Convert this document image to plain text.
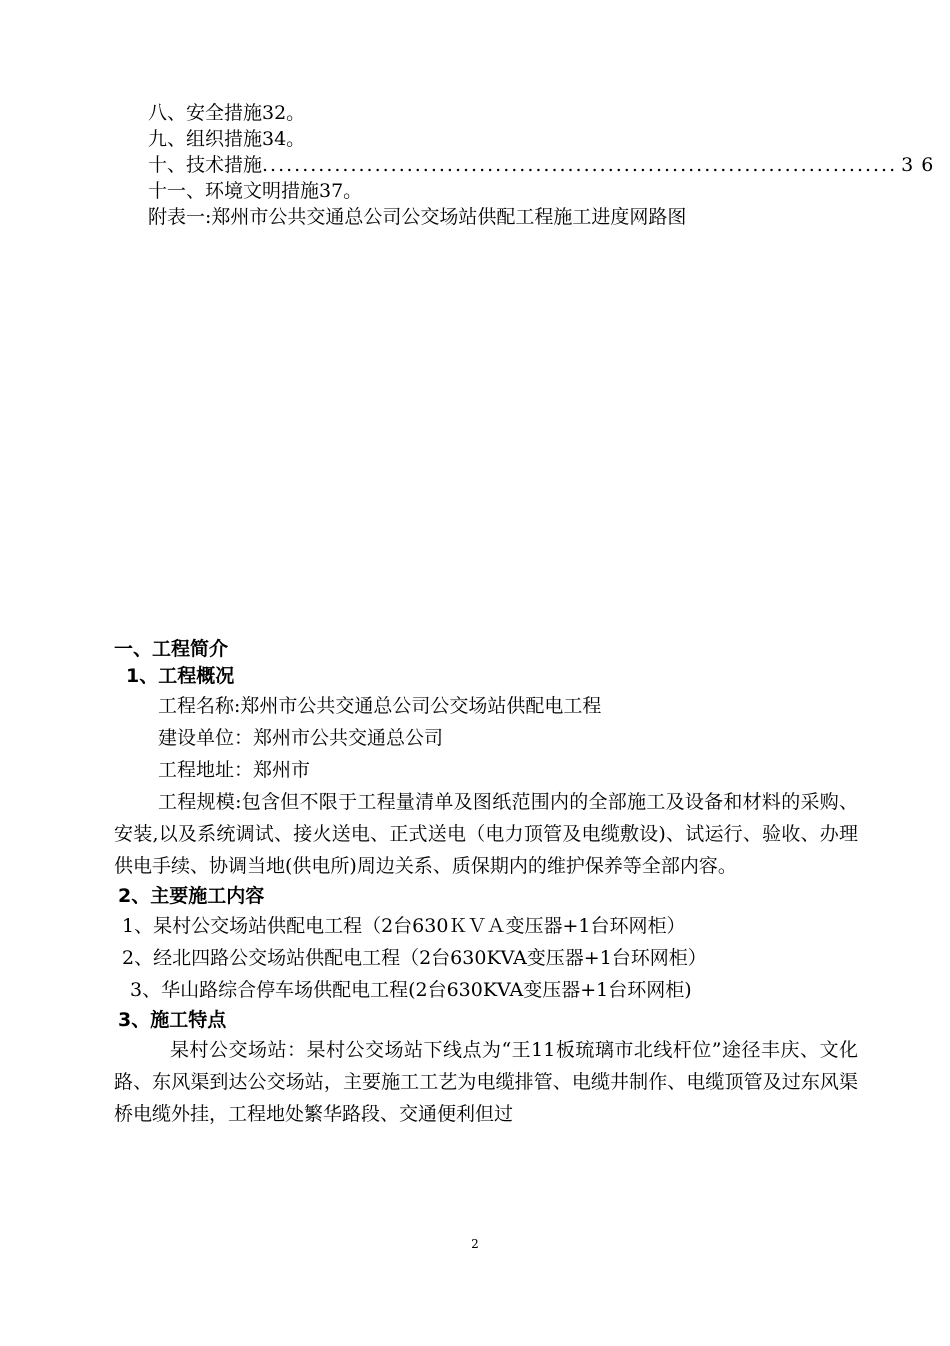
八、安全措施32。
九、组织措施34。
十、技术措施 ............................................................................... 36
十一、环境文明措施37。
附表一:郑州市公共交通总公司公交场站供配工程施工进度网路图
一、工程简介
1、工程概况
工程名称:郑州市公共交通总公司公交场站供配电工程
建设单位：郑州市公共交通总公司
工程地址：郑州市
工程规模:包含但不限于工程量清单及图纸范围内的全部施工及设备和材料的采购、安装,以及系统调试、接火送电、正式送电（电力顶管及电缆敷设)、试运行、验收、办理供电手续、协调当地(供电所)周边关系、质保期内的维护保养等全部内容。
2、主要施工内容
1、杲村公交场站供配电工程（2台630ＫＶＡ变压器+1台环网柜）
2、经北四路公交场站供配电工程（2台630KVA变压器+1台环网柜）
3、华山路综合停车场供配电工程(2台630KVA变压器+1台环网柜)
3、施工特点
杲村公交场站：杲村公交场站下线点为“王11板琉璃市北线杆位”途径丰庆、文化路、东风渠到达公交场站，主要施工工艺为电缆排管、电缆井制作、电缆顶管及过东风渠桥电缆外挂，工程地处繁华路段、交通便利但过
2
